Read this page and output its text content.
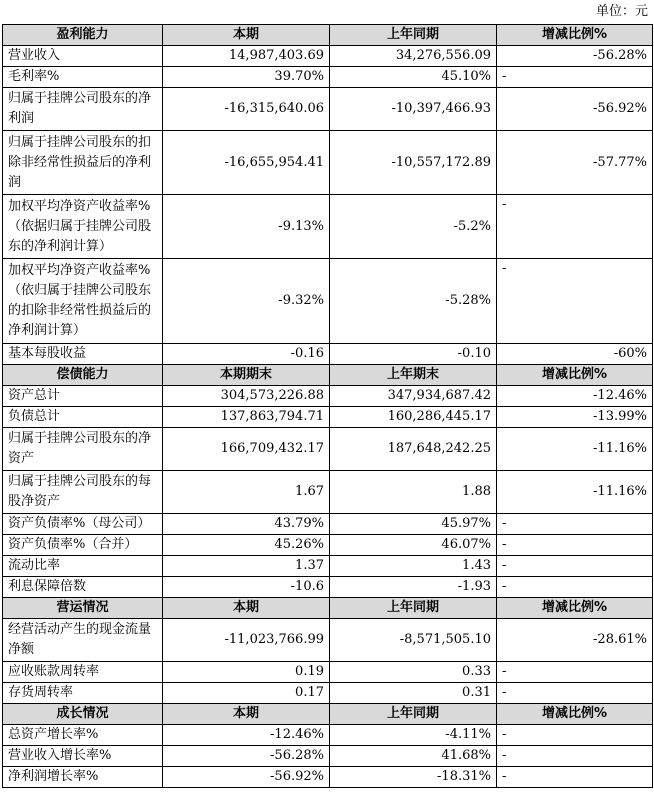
单位：元
盈利能力	本期	上年同期	增减比例%
营业收入	14,987,403.69	34,276,556.09	-56.28%
毛利率%	39.70%	45.10%	-
归属于挂牌公司股东的净利润	-16,315,640.06	-10,397,466.93	-56.92%
归属于挂牌公司股东的扣除非经常性损益后的净利润	-16,655,954.41	-10,557,172.89	-57.77%
加权平均净资产收益率%（依据归属于挂牌公司股东的净利润计算）	-9.13%	-5.2%	-
加权平均净资产收益率%（依归属于挂牌公司股东的扣除非经常性损益后的净利润计算）	-9.32%	-5.28%	-
基本每股收益	-0.16	-0.10	-60%
偿债能力	本期期末	上年期末	增减比例%
资产总计	304,573,226.88	347,934,687.42	-12.46%
负债总计	137,863,794.71	160,286,445.17	-13.99%
归属于挂牌公司股东的净资产	166,709,432.17	187,648,242.25	-11.16%
归属于挂牌公司股东的每股净资产	1.67	1.88	-11.16%
资产负债率%（母公司）	43.79%	45.97%	-
资产负债率%（合并）	45.26%	46.07%	-
流动比率	1.37	1.43	-
利息保障倍数	-10.6	-1.93	-
营运情况	本期	上年同期	增减比例%
经营活动产生的现金流量净额	-11,023,766.99	-8,571,505.10	-28.61%
应收账款周转率	0.19	0.33	-
存货周转率	0.17	0.31	-
成长情况	本期	上年同期	增减比例%
总资产增长率%	-12.46%	-4.11%	-
营业收入增长率%	-56.28%	41.68%	-
净利润增长率%	-56.92%	-18.31%	-
